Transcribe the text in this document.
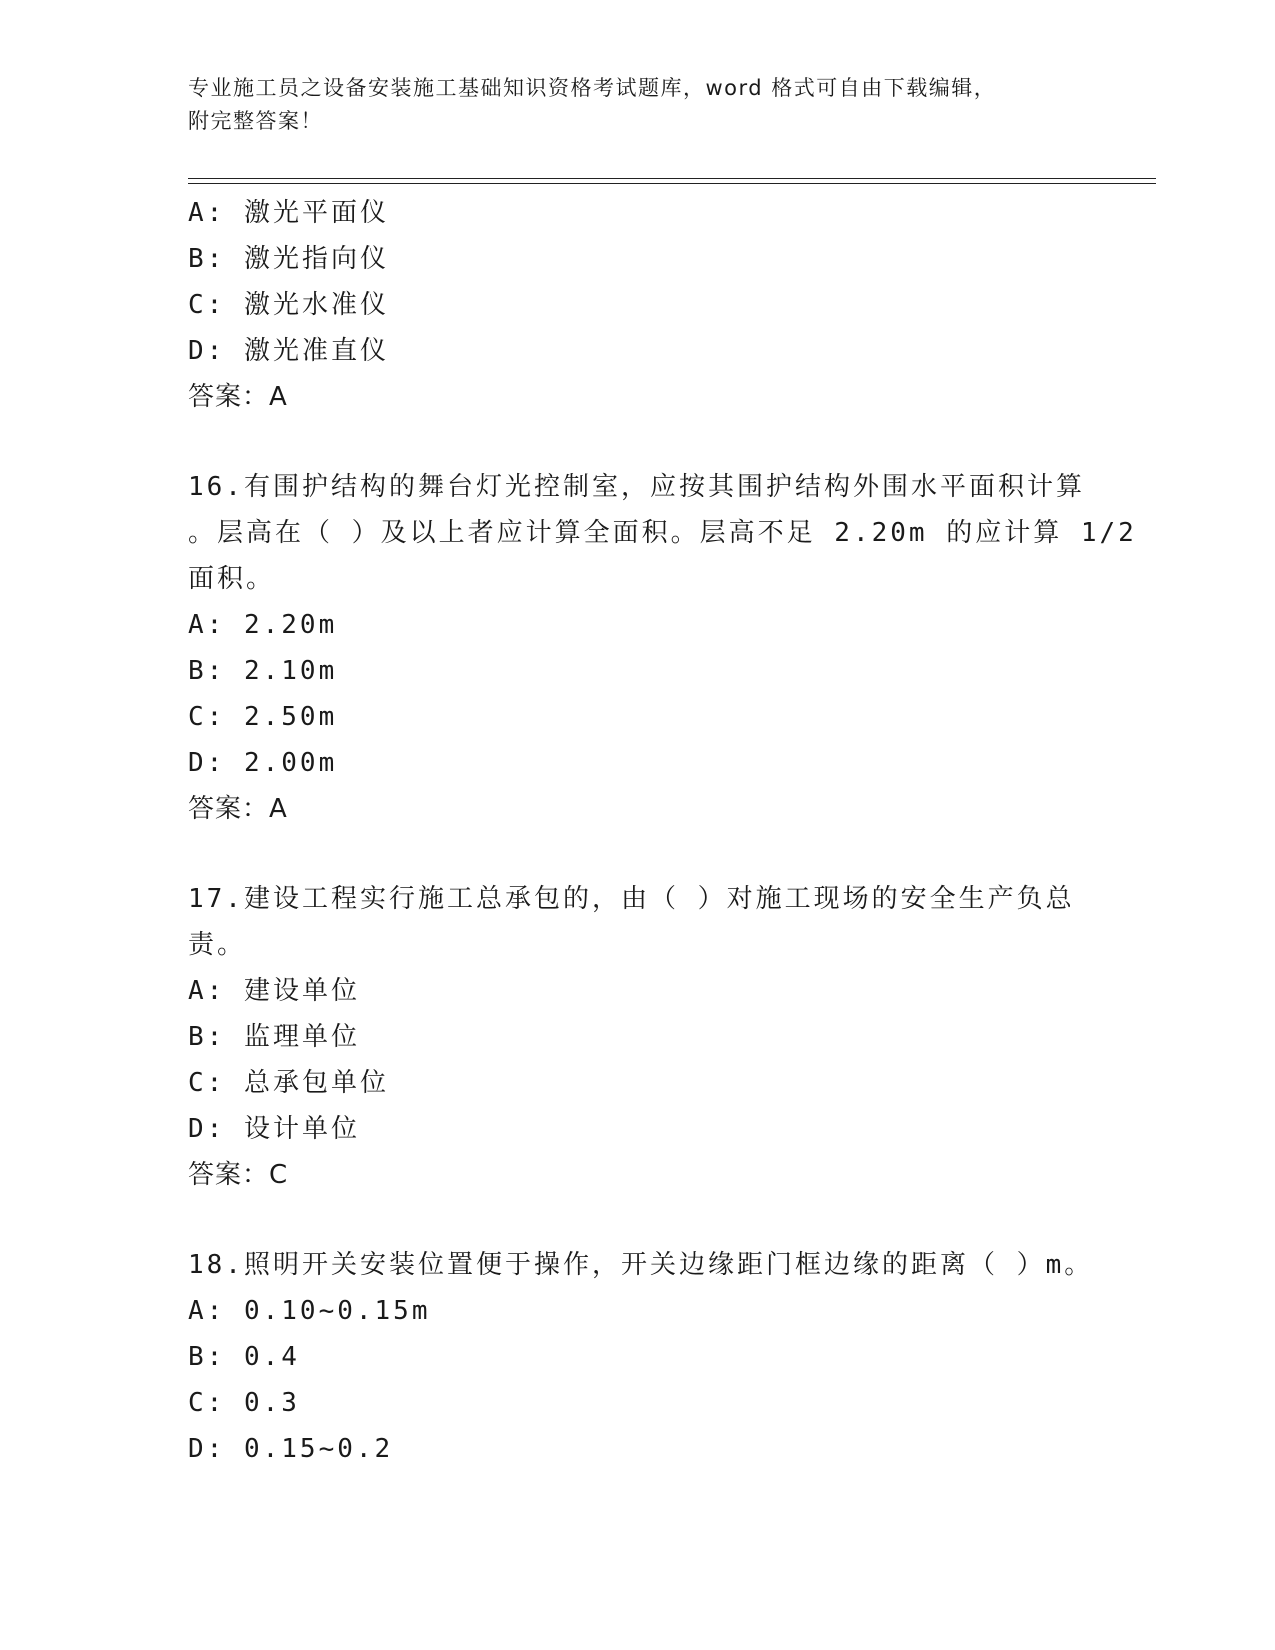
专业施工员之设备安装施工基础知识资格考试题库，word 格式可自由下载编辑，
附完整答案！
A: 激光平面仪
B: 激光指向仪
C: 激光水准仪
D: 激光准直仪
答案：A
16.有围护结构的舞台灯光控制室，应按其围护结构外围水平面积计算
。层高在（ ）及以上者应计算全面积。层高不足 2.20m 的应计算 1/2
面积。
A: 2.20m
B: 2.10m
C: 2.50m
D: 2.00m
答案：A
17.建设工程实行施工总承包的，由（ ）对施工现场的安全生产负总
责。
A: 建设单位
B: 监理单位
C: 总承包单位
D: 设计单位
答案：C
18.照明开关安装位置便于操作，开关边缘距门框边缘的距离（ ）m。
A: 0.10~0.15m
B: 0.4
C: 0.3
D: 0.15~0.2
